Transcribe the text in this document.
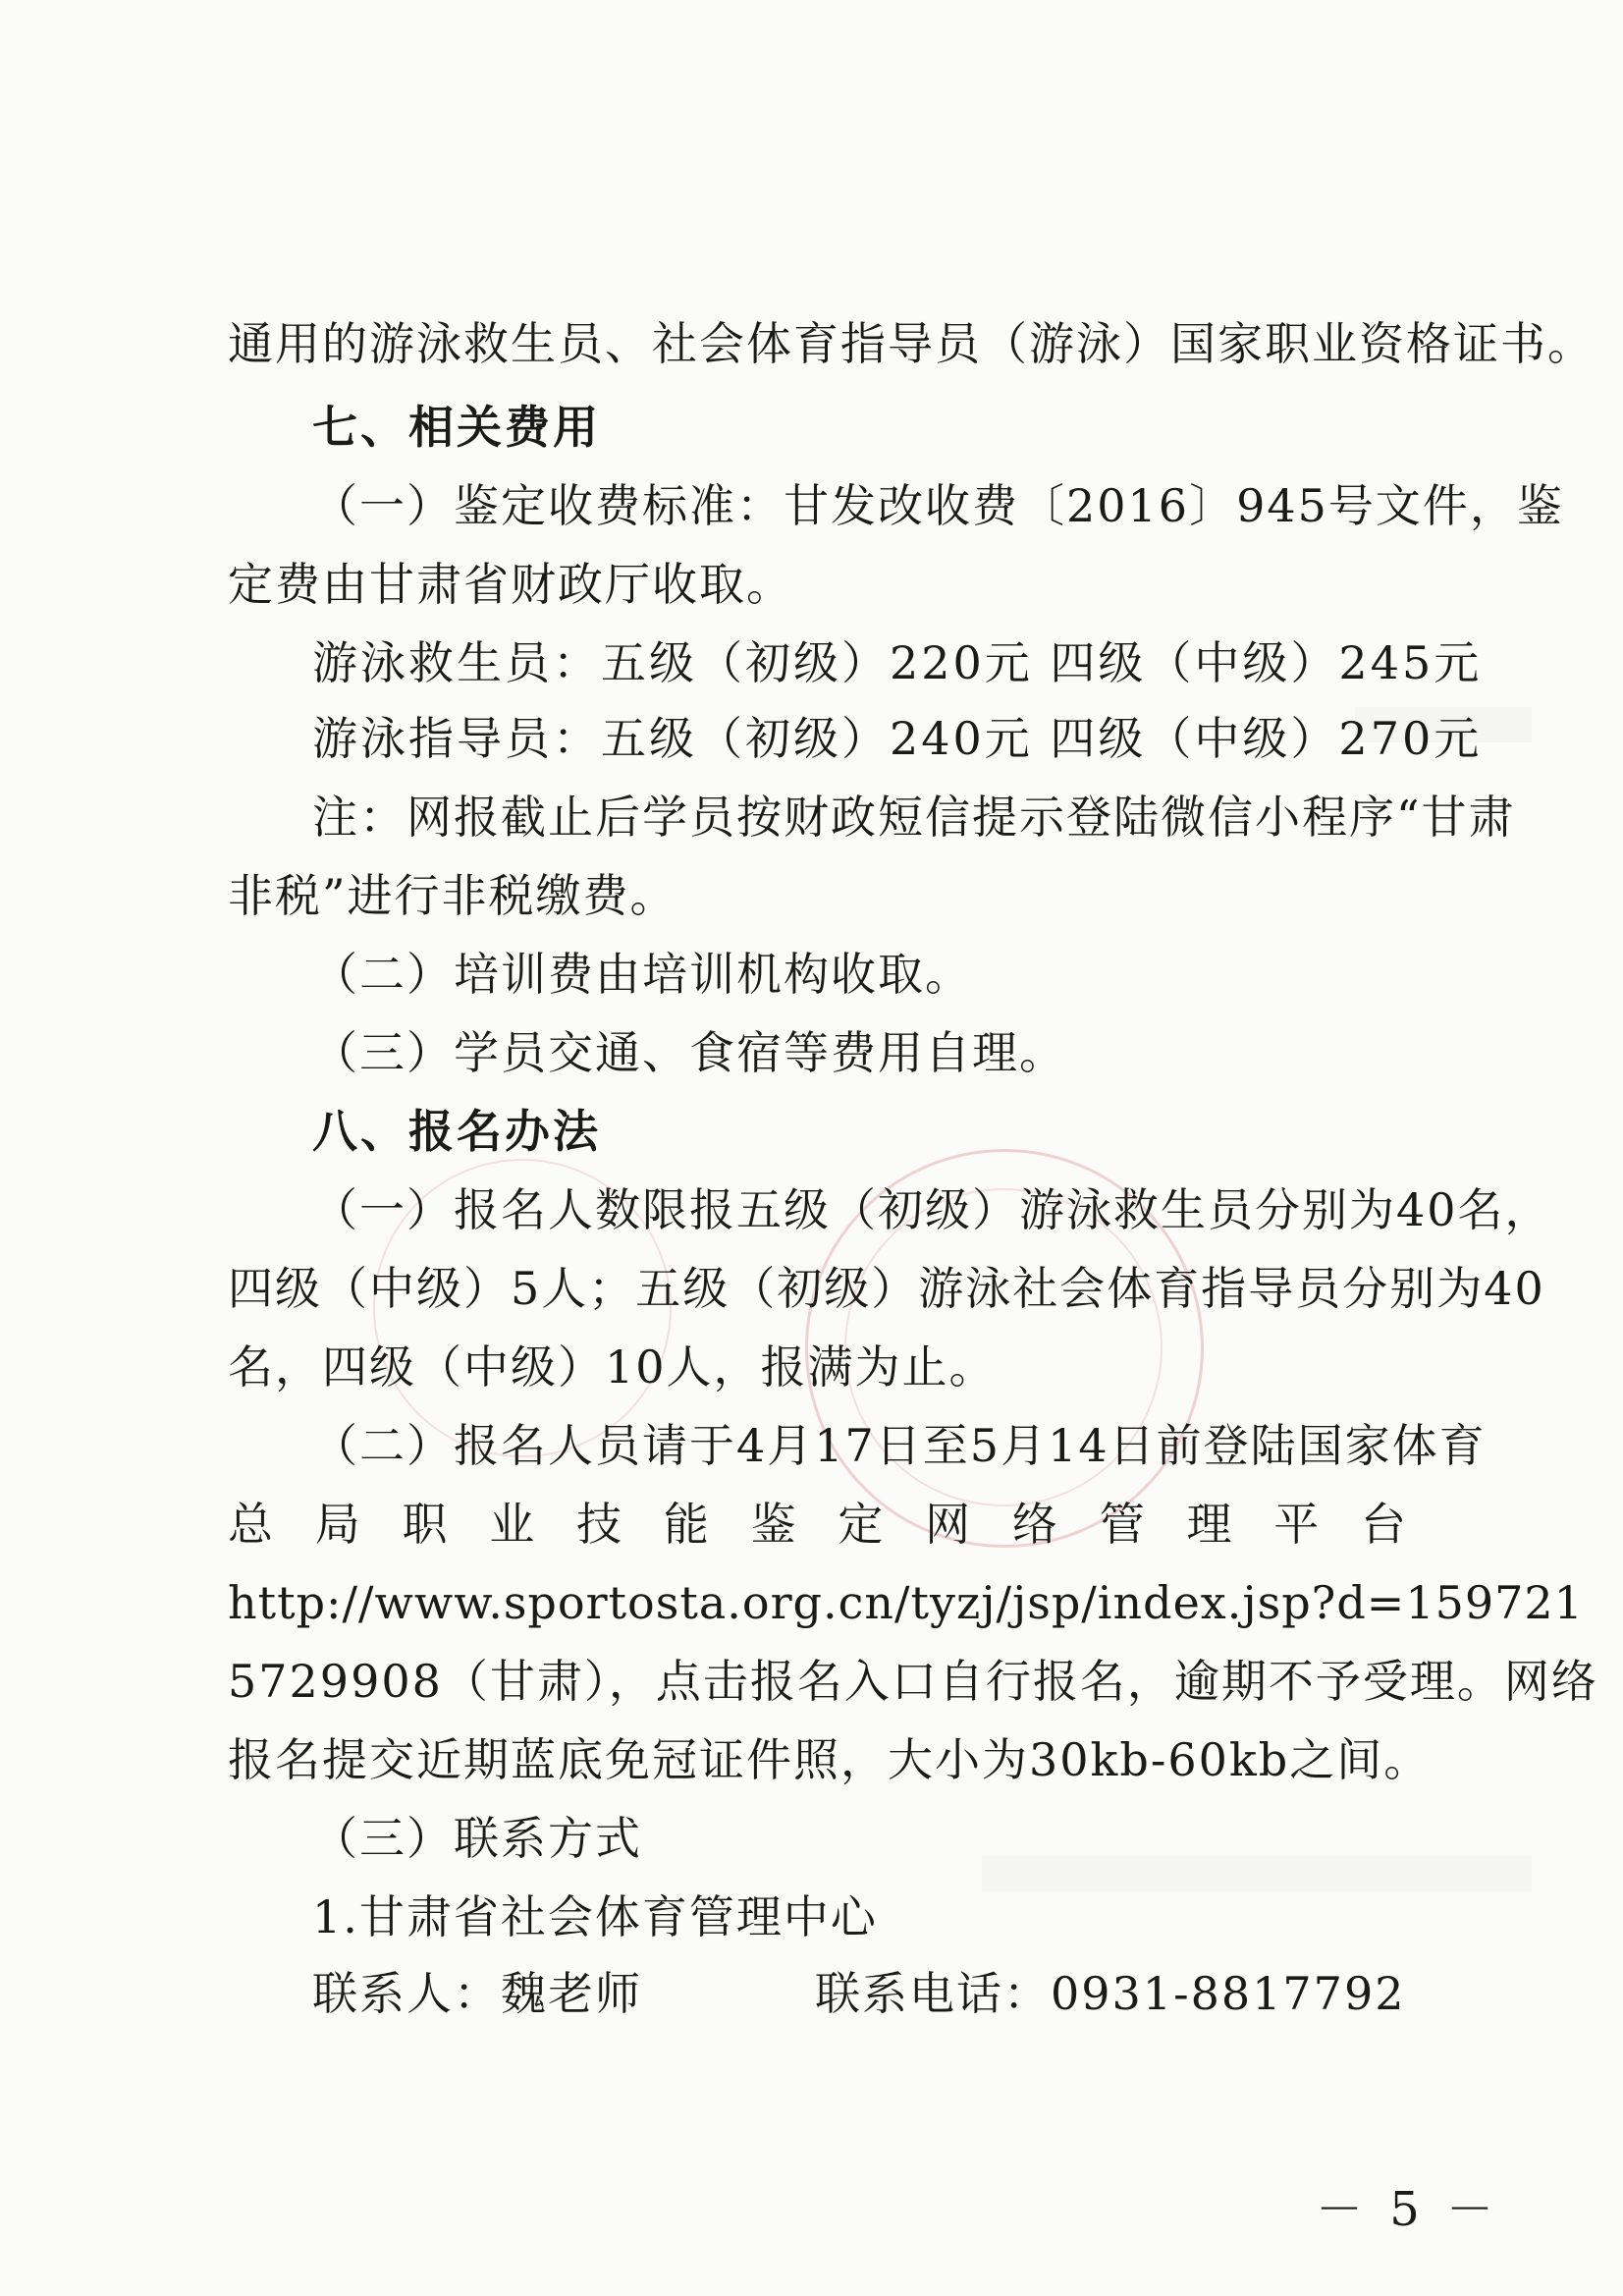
通用的游泳救生员、社会体育指导员（游泳）国家职业资格证书。
七、相关费用
（一）鉴定收费标准：甘发改收费〔2016〕945号文件，鉴
定费由甘肃省财政厅收取。
游泳救生员：五级（初级）220元 四级（中级）245元
游泳指导员：五级（初级）240元 四级（中级）270元
注：网报截止后学员按财政短信提示登陆微信小程序“甘肃
非税”进行非税缴费。
（二）培训费由培训机构收取。
（三）学员交通、食宿等费用自理。
八、报名办法
（一）报名人数限报五级（初级）游泳救生员分别为40名，
四级（中级）5人；五级（初级）游泳社会体育指导员分别为40
名，四级（中级）10人，报满为止。
（二）报名人员请于4月17日至5月14日前登陆国家体育
总局职业技能鉴定网络管理平台
http://www.sportosta.org.cn/tyzj/jsp/index.jsp?d=159721
5729908（甘肃），点击报名入口自行报名，逾期不予受理。网络
报名提交近期蓝底免冠证件照，大小为30kb-60kb之间。
（三）联系方式
1.甘肃省社会体育管理中心
联系人：魏老师	联系电话：0931-8817792
－ 5 －
